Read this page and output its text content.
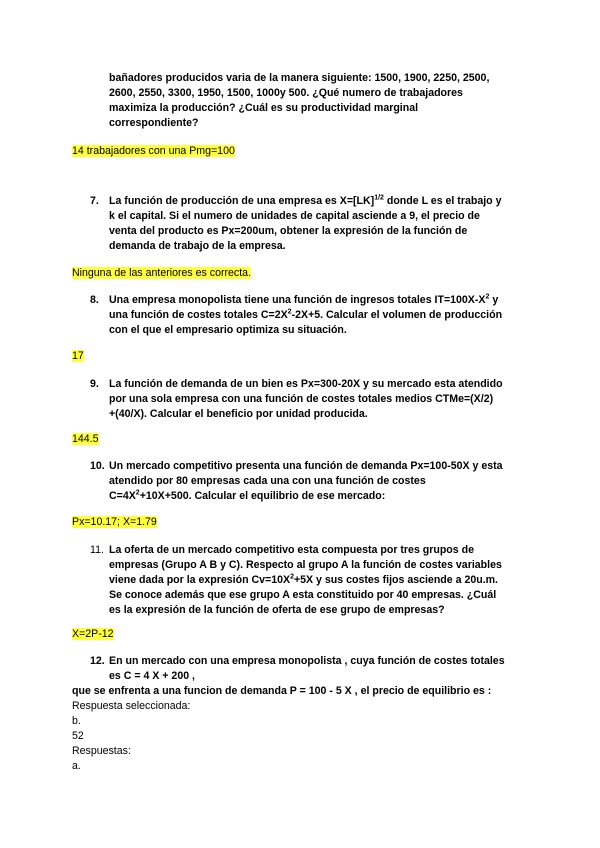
bañadores producidos varia de la manera siguiente: 1500, 1900, 2250, 2500,
2600, 2550, 3300, 1950, 1500, 1000y 500. ¿Qué numero de trabajadores
maximiza la producción? ¿Cuál es su productividad marginal
correspondiente?
14 trabajadores con una Pmg=100
7. La función de producción de una empresa es X=[LK]$^{1/2}$ donde L es el trabajo y
k el capital. Si el numero de unidades de capital asciende a 9, el precio de
venta del producto es Px=200um, obtener la expresión de la función de
demanda de trabajo de la empresa.
Ninguna de las anteriores es correcta.
8. Una empresa monopolista tiene una función de ingresos totales $IT=100X-X^2$ y
una función de costes totales $C=2X^2-2X+5$. Calcular el volumen de producción
con el que el empresario optimiza su situación.
17
9. La función de demanda de un bien es Px=300-20X y su mercado esta atendido
por una sola empresa con una función de costes totales medios CTMe=(X/2)
+(40/X). Calcular el beneficio por unidad producida.
144.5
10. Un mercado competitivo presenta una función de demanda Px=100-50X y esta
atendido por 80 empresas cada una con una función de costes
$C=4X^2+10X+500$. Calcular el equilibrio de ese mercado:
Px=10.17; X=1.79
11. La oferta de un mercado competitivo esta compuesta por tres grupos de
empresas (Grupo A B y C). Respecto al grupo A la función de costes variables
viene dada por la expresión $Cv=10X^2+5X$ y sus costes fijos asciende a 20u.m.
Se conoce además que ese grupo A esta constituido por 40 empresas. ¿Cuál
es la expresión de la función de oferta de ese grupo de empresas?
X=2P-12
12. En un mercado con una empresa monopolista , cuya función de costes totales
es C = 4 X + 200 ,
que se enfrenta a una funcion de demanda P = 100 - 5 X , el precio de equilibrio es :
Respuesta seleccionada:
b.
52
Respuestas:
a.
